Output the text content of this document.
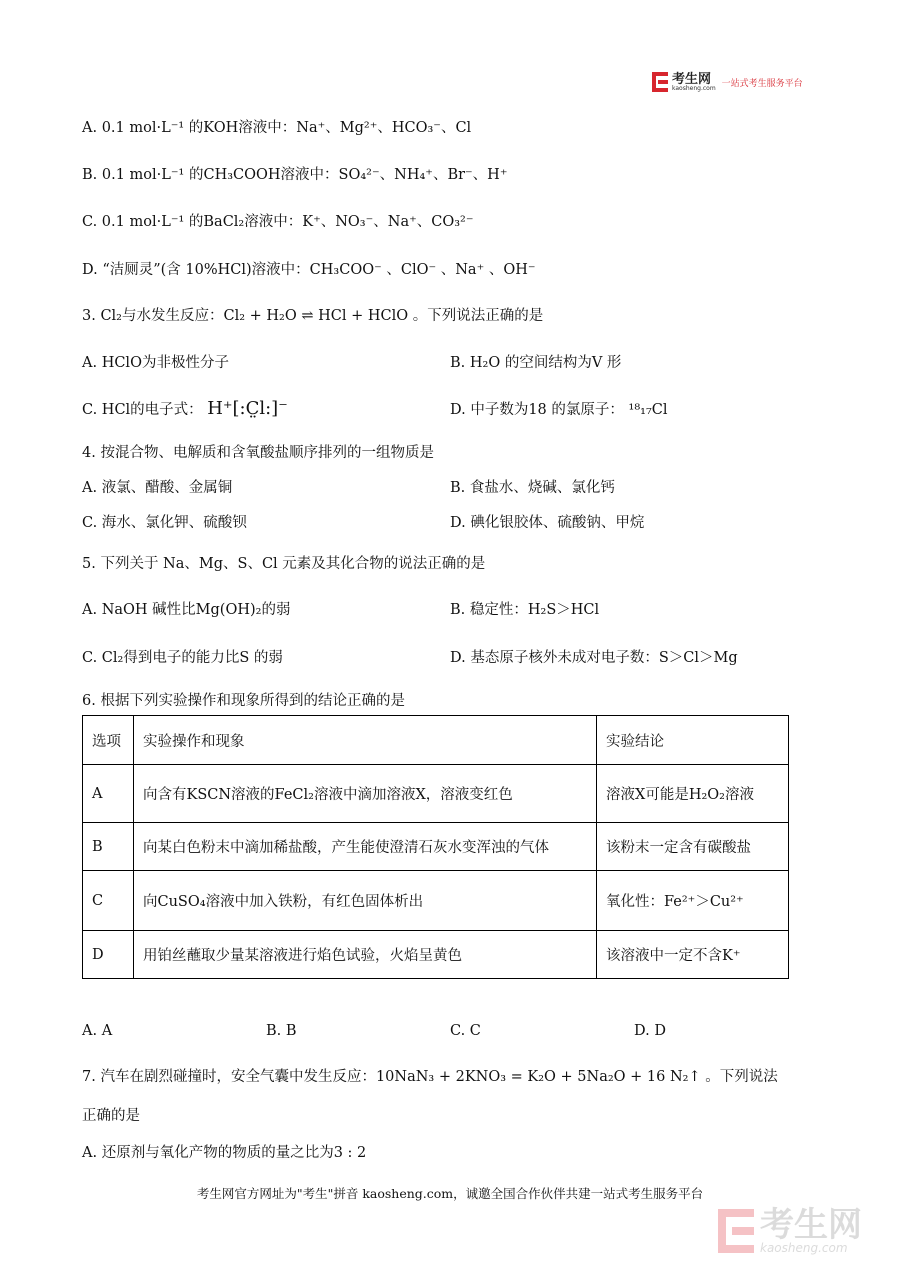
考生网
kaosheng.com 一站式考生服务平台
A. 0.1 mol·L⁻¹ 的KOH溶液中：Na⁺、Mg²⁺、HCO₃⁻、Cl
B. 0.1 mol·L⁻¹ 的CH₃COOH溶液中：SO₄²⁻、NH₄⁺、Br⁻、H⁺
C. 0.1 mol·L⁻¹ 的BaCl₂溶液中：K⁺、NO₃⁻、Na⁺、CO₃²⁻
D. “洁厕灵”(含 10%HCl)溶液中：CH₃COO⁻ 、ClO⁻ 、Na⁺ 、OH⁻
3. Cl₂与水发生反应：Cl₂ + H₂O ⇌ HCl + HClO 。下列说法正确的是
A. HClO为非极性分子	B. H₂O 的空间结构为V 形
C. HCl的电子式： H⁺[:C̤l:]⁻	D. 中子数为18 的氯原子： ¹⁸₁₇Cl
4. 按混合物、电解质和含氧酸盐顺序排列的一组物质是
A. 液氯、醋酸、金属铜	B. 食盐水、烧碱、氯化钙
C. 海水、氯化钾、硫酸钡	D. 碘化银胶体、硫酸钠、甲烷
5. 下列关于 Na、Mg、S、Cl 元素及其化合物的说法正确的是
A. NaOH 碱性比Mg(OH)₂的弱	B. 稳定性：H₂S＞HCl
C. Cl₂得到电子的能力比S 的弱	D. 基态原子核外未成对电子数：S＞Cl＞Mg
6. 根据下列实验操作和现象所得到的结论正确的是
选项	实验操作和现象	实验结论
A	向含有KSCN溶液的FeCl₂溶液中滴加溶液X，溶液变红色	溶液X可能是H₂O₂溶液
B	向某白色粉末中滴加稀盐酸，产生能使澄清石灰水变浑浊的气体	该粉末一定含有碳酸盐
C	向CuSO₄溶液中加入铁粉，有红色固体析出	氧化性：Fe²⁺＞Cu²⁺
D	用铂丝蘸取少量某溶液进行焰色试验，火焰呈黄色	该溶液中一定不含K⁺
A. A	B. B	C. C	D. D
7. 汽车在剧烈碰撞时，安全气囊中发生反应：10NaN₃ + 2KNO₃ = K₂O + 5Na₂O + 16 N₂↑ 。下列说法
正确的是
A. 还原剂与氧化产物的物质的量之比为3 : 2
考生网官方网址为"考生"拼音 kaosheng.com，诚邀全国合作伙伴共建一站式考生服务平台
考生网
kaosheng.com
